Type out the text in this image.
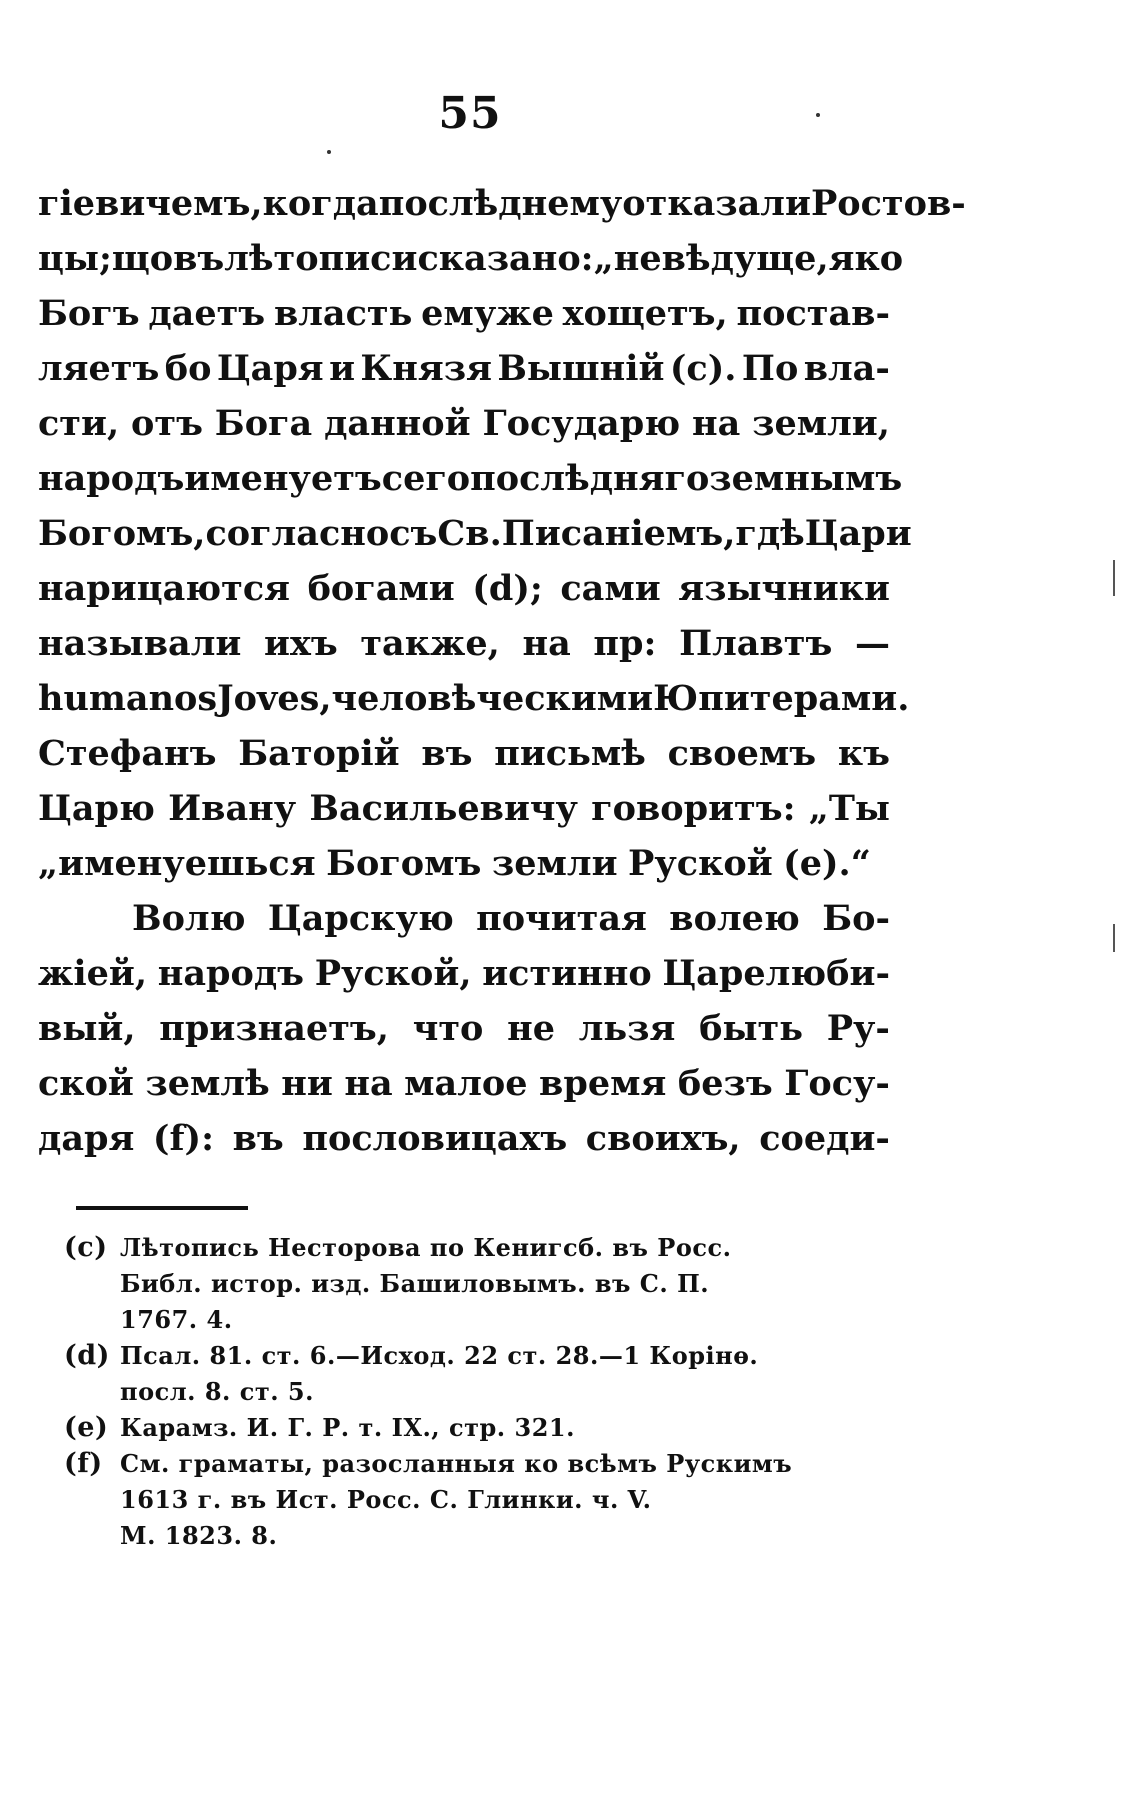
55
гіевичемъ, когда послѣднему отказали Ростов-
цы; що въ лѣтописи сказано: „не вѣдуще, яко
Богъ даетъ власть емуже хощетъ, постав-
ляетъ бо Царя и Князя Вышній (c). По вла-
сти, отъ Бога данной Государю на земли,
народъ именуетъ сего послѣдняго земнымъ
Богомъ, согласно съ Св. Писаніемъ, гдѣ Цари
нарицаются богами (d); сами язычники
называли ихъ также, на пр: Плавтъ —
humanos Joves, человѣческими Юпитерами.
Стефанъ Баторій въ письмѣ своемъ къ
Царю Ивану Васильевичу говоритъ: „Ты
„именуешься Богомъ земли Руской (e).“
Волю Царскую почитая волею Бо-
жіей, народъ Руской, истинно Царелюби-
вый, признаетъ, что не льзя быть Ру-
ской землѣ ни на малое время безъ Госу-
даря (f): въ пословицахъ своихъ, соеди-
(c) Лѣтопись Несторова по Кенигсб. въ Росс.
Библ. истор. изд. Башиловымъ. въ С. П.
1767. 4.
(d) Псал. 81. ст. 6.—Исход. 22 ст. 28.—1 Корінѳ.
посл. 8. ст. 5.
(e) Карамз. И. Г. Р. т. IX., стр. 321.
(f) См. граматы, разосланныя ко всѣмъ Рускимъ
1613 г. въ Ист. Росс. С. Глинки. ч. V.
М. 1823. 8.
